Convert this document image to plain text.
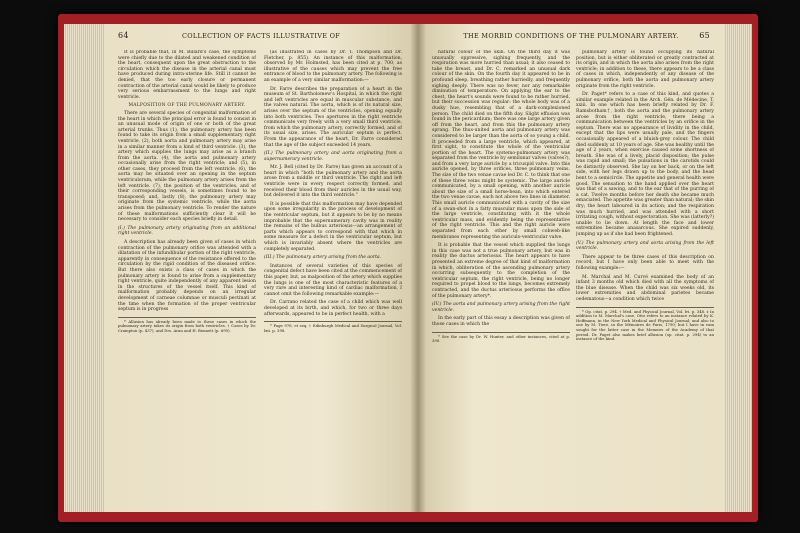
64	COLLECTION OF FACTS ILLUSTRATIVE OF

It is probable that, in M. Billard's case, the symptoms were chiefly due to the dilated and weakened condition of the heart, consequent upon the great obstruction to the circulation which the disease in the arterial canal must have produced during intra-uterine life. Still it cannot be denied, that the too early closure or permanent contraction of the arterial canal would be likely to produce very serious embarrassment to the lungs and right ventricle.

MALPOSITION OF THE PULMONARY ARTERY.

There are several species of congenital malformation of the heart in which the principal error is found to consist in an unusual mode of origin of one or both of the great arterial trunks. Thus (1), the pulmonary artery has been found to take its origin from a small supplementary right ventricle. (2), both aorta and pulmonary artery may arise in a similar manner from a kind of third ventricle. (3), the artery which supplies the lungs may arise as a branch from the aorta. (4), the aorta and pulmonary artery occasionally arise from the right ventricle; and (5), in other cases, they proceed from the left ventricle. (6), the aorta may be situated over an opening in the septum ventriculorum, while the pulmonary artery arises from the left ventricle. (7), the position of the ventricles, and of their corresponding vessels, is sometimes found to be transposed; and, lastly (8), the pulmonary artery may originate from the systemic ventricle, while the aorta arises from the pulmonary ventricle. To render the nature of these malformations sufficiently clear it will be necessary to consider each species briefly in detail.

(I.) The pulmonary artery originating from an additional right ventricle.

A description has already been given of cases in which contraction of the pulmonary orifice was attended with a dilatation of the infundibular portion of the right ventricle, apparently in consequence of the resistance offered to the circulation by the rigid condition of the diseased orifice. But there also exists a class of cases in which the pulmonary artery is found to arise from a supplementary right ventricle, quite independently of any apparent lesion in the structures of the vessel itself. This kind of malformation probably depends on an irregular development of carneae columnae or musculi pectinati at the time when the formation of the proper ventricular septum is in progress

* Allusion has already been made to these cases in which the pulmonary artery takes its origin from both ventricles. † Cases by Dr. Crampton (p. 437), and Drs. Aran and H. Bennett (p. 699).

(as illustrated in cases by Dr. T. Thompson and Dr. Fletcher, p. 855). An instance of this malformation, observed by Mr. Holmsted, has been cited at p. 700, as illustrative of the causes which may prevent the free entrance of blood to the pulmonary artery. The following is an example of a very similar malformation:—

Dr. Farre describes the preparation of a heart in the museum of St. Bartholomew's Hospital, in which the right and left ventricles are equal in muscular substance, and the valves natural. The aorta, which is of its natural size, arises over the septum of the ventricles, opening equally into both ventricles. Two apertures in the right ventricle communicate very freely with a very small third ventricle, from which the pulmonary artery, correctly formed, and of its usual size, arises. The auricular septum is perfect. From the appearance of the heart, Dr. Farre considered that the age of the subject exceeded 14 years.

(II.) The pulmonary artery and aorta originating from a supernumerary ventricle.

Mr. J. Bell (cited by Dr. Farre) has given an account of a heart in which "both the pulmonary artery and the aorta arose from a middle or third ventricle. The right and left ventricle were in every respect correctly formed, and received their blood from their auricles in the usual way, but delivered it into the third ventricle."

It is possible that this malformation may have depended upon some irregularity in the process of development of the ventricular septum, but it appears to be by no means improbable that the supernumerary cavity was in reality the remains of the bulbus arteriosus—an arrangement of parts which appears to correspond with that which in some measure for a defect in the ventricular septum, but which is invariably absent where the ventricles are completely separated.

(III.) The pulmonary artery arising from the aorta.

Instances of several varieties of this species of congenital defect have been cited at the commencement of this paper, but, as malposition of the artery which supplies the lungs is one of the most characteristic features of a very rare and interesting kind of cardiac malformation, I cannot omit the following remarkable example:—

Dr. Carrano related the case of a child which was well developed at its birth, and which, for two or three days afterwards, appeared to be in perfect health, with a

* Page 976, et seq. † Edinburgh Medical and Surgical Journal, Vol. lxii. p. 398.

THE MORBID CONDITIONS OF THE PULMONARY ARTERY.	65

natural colour of the skin. On the third day it was unusually oppressive, sighing frequently, and the respiration was more hurried than usual; it also ceased to take the breast, and Dr. C. remarked an unusual dark colour of the skin. On the fourth day it appeared to be in profound sleep, breathing rather hurriedly, and frequently sighing deeply. There was no fever, nor any remarkable diminution of temperature. On applying the ear to the chest, the heart's sounds were found to be rather hurried, but their succession was regular: the whole body was of a dusky hue, resembling that of a dark-complexioned person. The child died on the fifth day. Slight effusion was found in the pericardium; there was one large artery given off from the heart, and from this the pulmonary artery sprang. The thus-united aorta and pulmonary artery was considered to be larger than the aorta of so young a child. It proceeded from a large ventricle, which appeared, at first sight, to constitute the whole of the ventricular portion of the heart. The systemo-pulmonary artery was separated from the ventricle by semilunar valves (valves?), and from a very large auricle by a tricuspid valve. Into this auricle opened, by three orifices, three pulmonary veins. The size of the two venae cavae led Dr. C. to think that one of these three veins might be systemic. The large auricle communicated, by a small opening, with another auricle about the size of a small horse-bean, into which entered the two venae cavae, each not above two lines in diameter. This small auricle communicated with a cavity of the size of a swan-shot in a fatty muscular mass upon the side of the large ventricle, constituting with it the whole ventricular mass, and evidently being the representative of the right ventricle. This and the right auricle were separated from each other by small cobweb-like membranes representing the auriculo-ventricular valve.

It is probable that the vessel which supplied the lungs in this case was not a true pulmonary artery, but was in reality the ductus arteriosus. The heart appears to have presented an extreme degree of that kind of malformation in which, obliteration of the ascending pulmonary artery occurring subsequently to the completion of the ventricular septum, the right ventricle, being no longer required to propel blood to the lungs, becomes extremely contracted, and the ductus arteriosus performs the office of the pulmonary artery*.

(IV.) The aorta and pulmonary artery arising from the right ventricle.

In the early part of this essay a description was given of those cases in which the

* See the case by Dr. W. Hunter, and other instances, cited at p. 390.

pulmonary artery is found occupying its natural position, but is either obliterated or greatly contracted at its origin, and in which the aorta also arises from the right ventricle; in addition to these, there appears to be a class of cases in which, independently of any disease of the pulmonary orifice, both the aorta and pulmonary artery originate from the right ventricle.

Dr. Paget* refers to a case of this kind, and quotes a similar example related in the Arch. Gén. de Médecine, T. xxiii. In one which has been briefly related by Dr. F. Ramsbotham†, both the aorta and the pulmonary artery arose from the right ventricle, there being a communication between the ventricles by an orifice in the septum. There was no appearance of lividity in the child, except that the lips were usually pale, and the fingers occasionally appeared of a bluish-grey colour. The child died suddenly at 10 years of age. She was healthy until the age of 2 years, when exercise caused some shortness of breath. She was of a lively, placid disposition; the pulse was rapid and small; the pulsations in the carotids could be distinctly observed. She lay on her back, or on the left side, with her legs drawn up to the body, and the head bent to a semicircle. The appetite and general health were good. The sensation to the hand applied over the heart was that of a sawing, and to the ear that of the purring of a cat. Twelve months before her death she became much emaciated. The appetite was greater than natural; the skin dry; the heart laboured in its action; and the respiration was much hurried, and was attended with a short irritating cough, without expectoration. She was (latterly?) unable to lie down. At length the face and lower extremities became anasarcous. She expired suddenly, jumping up as if she had been frightened.

(V.) The pulmonary artery and aorta arising from the left ventricle.

There appear to be three cases of this description on record, but I have only been able to meet with the following example:—

M. Marchal and M. Curvé examined the body of an infant 3 months old which died with all the symptoms of the blue disease. When the child was six weeks old, its lower extremities and abdominal parietes became oedematous—a condition which twice

* Op. citat. p. 294. † Med. and Physical Journal, Vol. lvi. p. 348. ‡ In addition to M. Marchal's case, Otto refers to an instance related by K. Hoffmann, in the New York Medical and Physical Journal; and also to one by M. Tiere, in the Mémoires de Paris, 1790; but I have in vain sought for the latter case in the Memoirs of the Academy of that period. Dr. Paget also makes brief allusion (op. citat. p. 294) to an instance of the kind.
